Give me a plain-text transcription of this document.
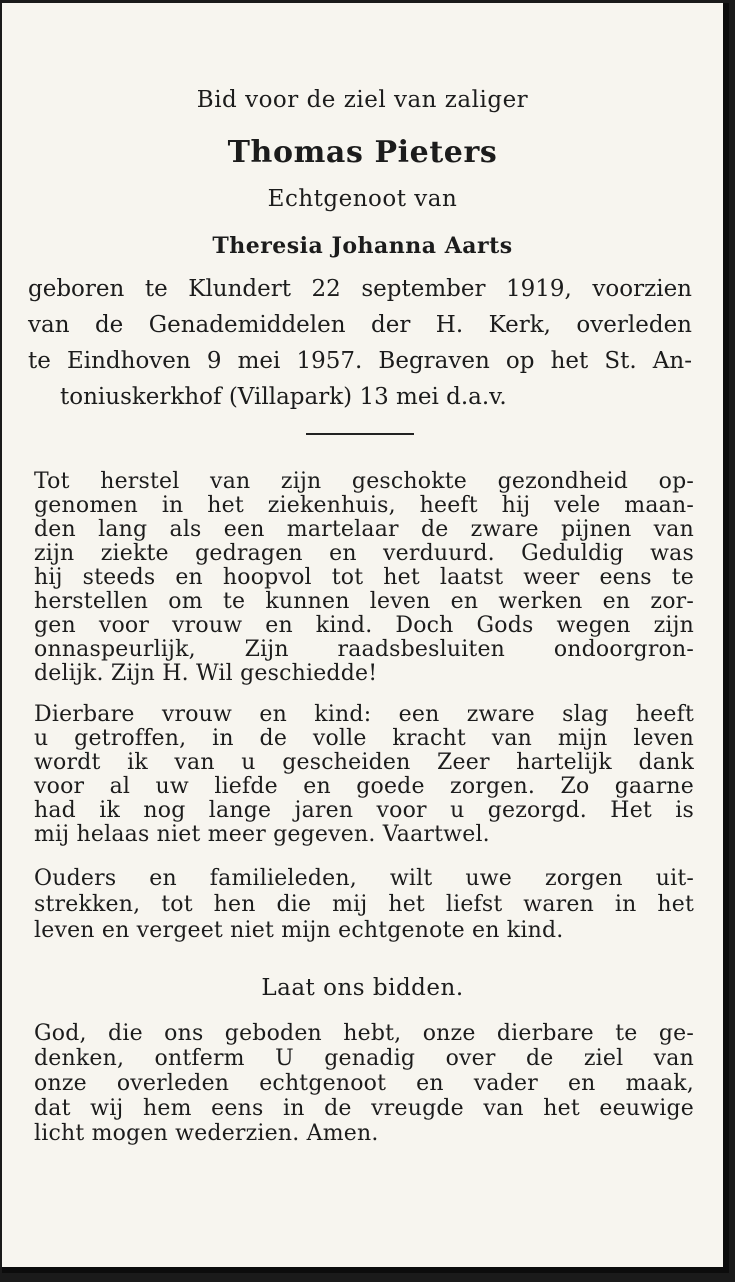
Bid voor de ziel van zaliger

Thomas Pieters

Echtgenoot van

Theresia Johanna Aarts

geboren te Klundert 22 september 1919, voorzien

van de Genademiddelen der H. Kerk, overleden

te Eindhoven 9 mei 1957. Begraven op het St. An-

toniuskerkhof (Villapark) 13 mei d.a.v.

Tot herstel van zijn geschokte gezondheid op-

genomen in het ziekenhuis, heeft hij vele maan-

den lang als een martelaar de zware pijnen van

zijn ziekte gedragen en verduurd. Geduldig was

hij steeds en hoopvol tot het laatst weer eens te

herstellen om te kunnen leven en werken en zor-

gen voor vrouw en kind. Doch Gods wegen zijn

onnaspeurlijk, Zijn raadsbesluiten ondoorgron-

delijk. Zijn H. Wil geschiedde!

Dierbare vrouw en kind: een zware slag heeft

u getroffen, in de volle kracht van mijn leven

wordt ik van u gescheiden Zeer hartelijk dank

voor al uw liefde en goede zorgen. Zo gaarne

had ik nog lange jaren voor u gezorgd. Het is

mij helaas niet meer gegeven. Vaartwel.

Ouders en familieleden, wilt uwe zorgen uit-

strekken, tot hen die mij het liefst waren in het

leven en vergeet niet mijn echtgenote en kind.

Laat ons bidden.

God, die ons geboden hebt, onze dierbare te ge-

denken, ontferm U genadig over de ziel van

onze overleden echtgenoot en vader en maak,

dat wij hem eens in de vreugde van het eeuwige

licht mogen wederzien. Amen.
